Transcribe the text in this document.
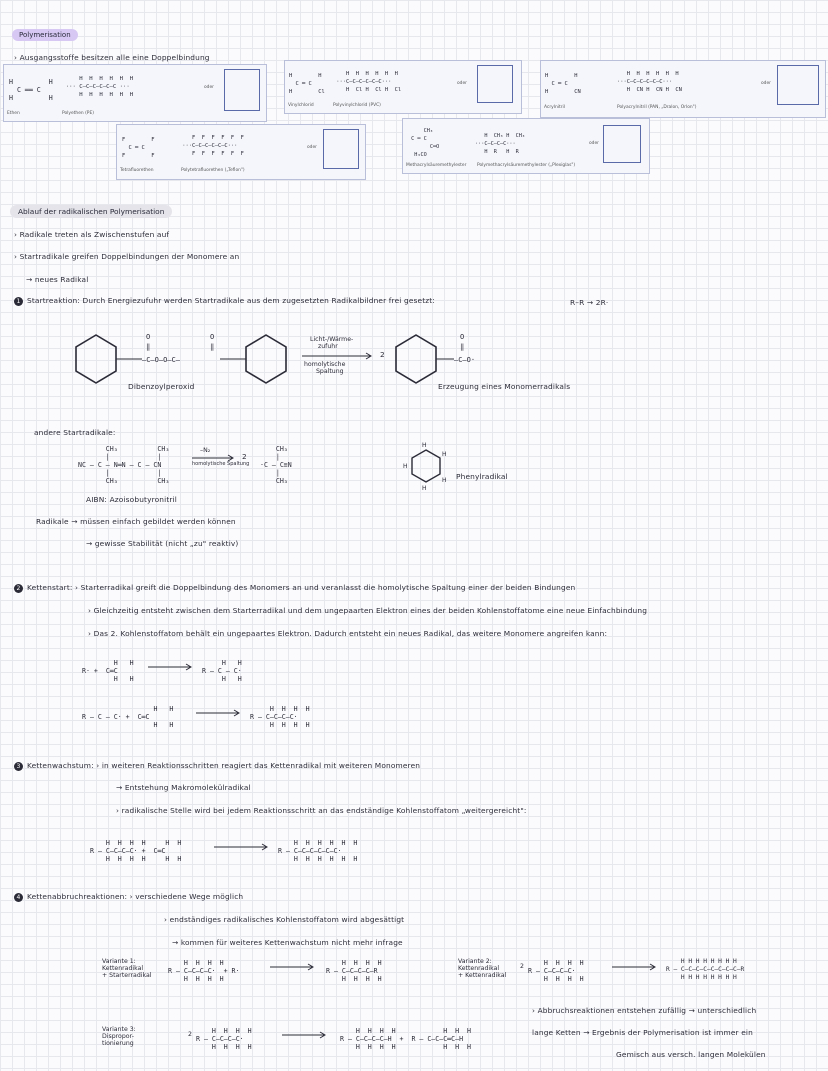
Polymerisation
› Ausgangsstoffe besitzen alle eine Doppelbindung
H         H
C ══ C
H         H
H  H  H  H  H  H
··· C–C–C–C–C–C ···
H  H  H  H  H  H
oder
Ethen	Polyethen (PE)
H        H
C ═ C
H        Cl
H  H  H  H  H  H
···C–C–C–C–C–C···
H  Cl H  Cl H  Cl
oder
Vinylchlorid	Polyvinylchlorid (PVC)
H        H
C ═ C
H        CN
H  H  H  H  H  H
···C–C–C–C–C–C···
H  CN H  CN H  CN
oder
Acrylnitril	Polyacrylnitril (PAN, „Dralon, Orlon")
F        F
C ═ C
F        F
F  F  F  F  F  F
···C–C–C–C–C–C···
F  F  F  F  F  F
oder
Tetrafluorethen	Polytetrafluorethen („Teflon")
CH₃
C ═ C
C═O
H₃CO
H  CH₃ H  CH₃
···C–C–C–C···
H  R   H  R
oder
Methacrylsäuremethylester Polymethacrylsäuremethylester („Plexiglas")
Ablauf der radikalischen Polymerisation
› Radikale treten als Zwischenstufen auf
› Startradikale greifen Doppelbindungen der Monomere an
→ neues Radikal
1 Startreaktion: Durch Energiezufuhr werden Startradikale aus dem zugesetzten Radikalbildner frei gesetzt:	R–R → 2R·
–C–O–O–C–
O
‖
O
‖
Dibenzoylperoxid
Licht-/Wärme-
zufuhr
homolytische
Spaltung
2
–C–O·
O
‖
Erzeugung eines Monomerradikals
andere Startradikale:
CH₃          CH₃
|            |
NC – C – N═N – C – CN
|            |
CH₃          CH₃
–N₂
homolytische Spaltung
2
CH₃
|
·C – C≡N
|
CH₃
H
H
H
H
H
Phenylradikal
AIBN: Azoisobutyronitril
Radikale → müssen einfach gebildet werden können
→ gewisse Stabilität (nicht „zu" reaktiv)
2 Kettenstart: › Starterradikal greift die Doppelbindung des Monomers an und veranlasst die homolytische Spaltung einer der beiden Bindungen
› Gleichzeitig entsteht zwischen dem Starterradikal und dem ungepaarten Elektron eines der beiden Kohlenstoffatome eine neue Einfachbindung
› Das 2. Kohlenstoffatom behält ein ungepaartes Elektron. Dadurch entsteht ein neues Radikal, das weitere Monomere angreifen kann:
H   H
R· +  C═C
H   H
H   H
R – C – C·
H   H
H   H
R – C – C· +  C═C
H   H
H  H  H  H
R – C–C–C–C·
H  H  H  H
3 Kettenwachstum: › in weiteren Reaktionsschritten reagiert das Kettenradikal mit weiteren Monomeren
→ Entstehung Makromolekülradikal
› radikalische Stelle wird bei jedem Reaktionsschritt an das endständige Kohlenstoffatom „weitergereicht":
H  H  H  H     H  H
R – C–C–C–C· +  C═C
H  H  H  H     H  H
H  H  H  H  H  H
R – C–C–C–C–C–C·
H  H  H  H  H  H
4 Kettenabbruchreaktionen: › verschiedene Wege möglich
› endständiges radikalisches Kohlenstoffatom wird abgesättigt
→ kommen für weiteres Kettenwachstum nicht mehr infrage
Variante 1:
Kettenradikal
+ Starterradikal
H  H  H  H
R – C–C–C–C·  + R·
H  H  H  H
H  H  H  H
R – C–C–C–C–R
H  H  H  H
Variante 2:
Kettenradikal
+ Kettenradikal
2	H  H  H  H
R – C–C–C–C·
H  H  H  H
H H H H H H H H
R – C–C–C–C–C–C–C–C–R
H H H H H H H H
Variante 3:
Dispropor-
tionierung
2	H  H  H  H
R – C–C–C–C·
H  H  H  H
H  H  H  H            H  H  H
R – C–C–C–C–H  +  R – C–C–C═C–H
H  H  H  H            H  H  H
› Abbruchsreaktionen entstehen zufällig → unterschiedlich
lange Ketten → Ergebnis der Polymerisation ist immer ein
Gemisch aus versch. langen Molekülen
